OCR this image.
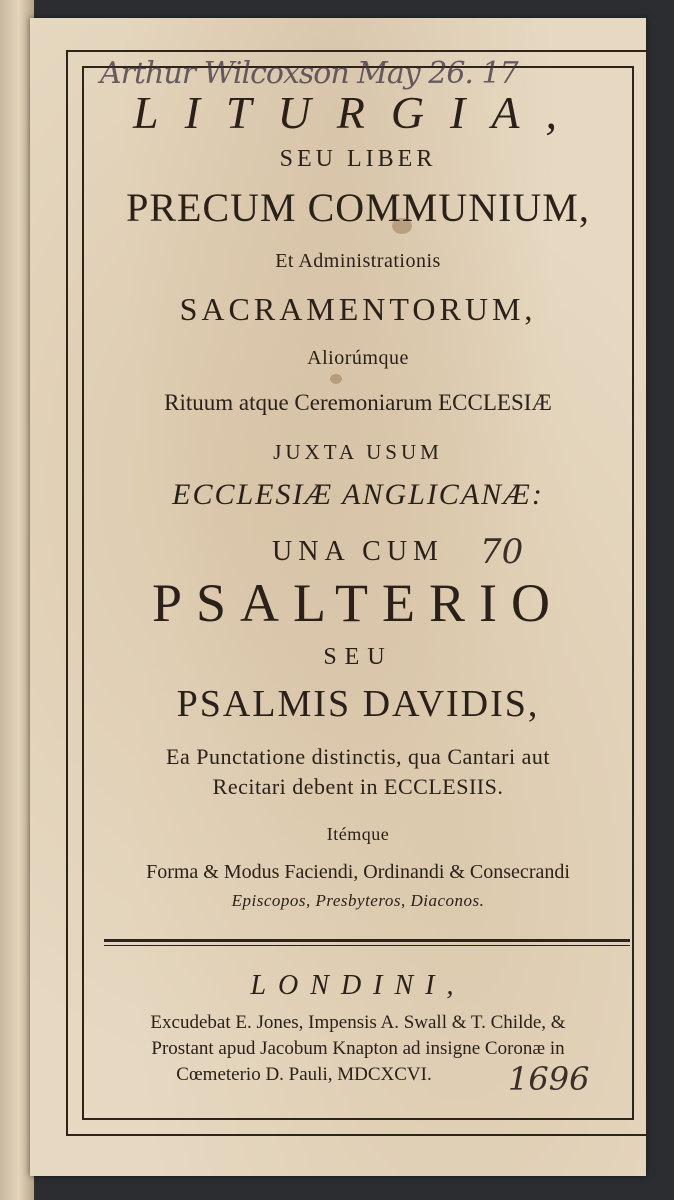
Arthur Wilcoxson May 26. 17
LITURGIA,
SEU LIBER
PRECUM COMMUNIUM,
Et Administrationis
SACRAMENTORUM,
Aliorúmque
Rituum atque Ceremoniarum ECCLESIÆ
JUXTA USUM
ECCLESIÆ ANGLICANÆ:
UNA CUM	70
PSALTERIO
SEU
PSALMIS DAVIDIS,
Ea Punctatione distinctis, qua Cantari aut
Recitari debent in ECCLESIIS.
Itémque
Forma & Modus Faciendi, Ordinandi & Consecrandi
Episcopos, Presbyteros, Diaconos.
LONDINI,
Excudebat E. Jones, Impensis A. Swall & T. Childe, &
Prostant apud Jacobum Knapton ad insigne Coronæ in
Cœmeterio D. Pauli, MDCXCVI.	1696
